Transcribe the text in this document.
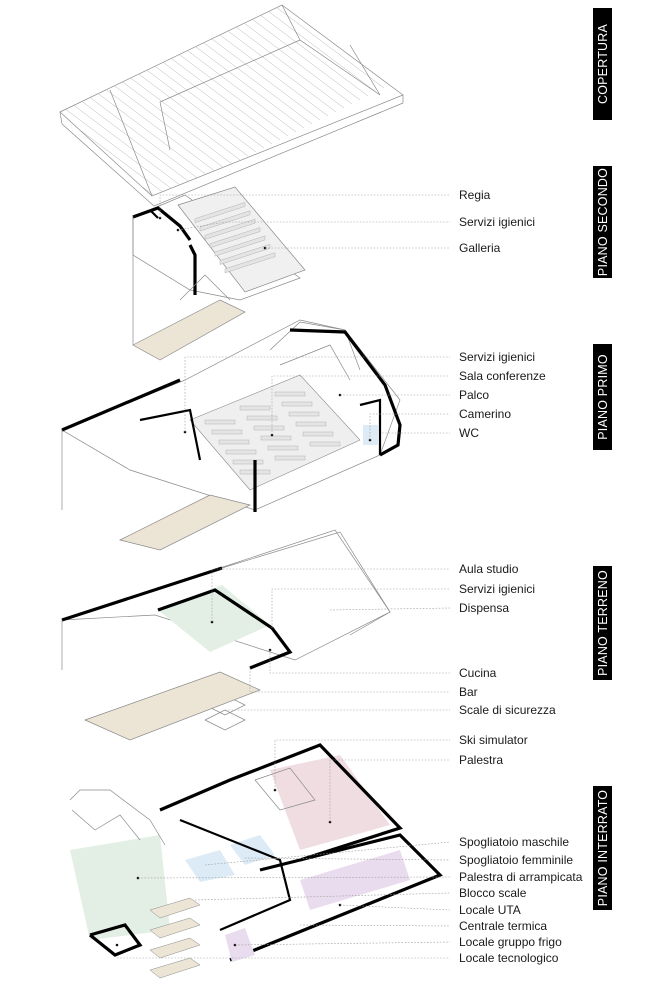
Regia
Servizi igienici
Galleria
Servizi igienici
Sala conferenze
Palco
Camerino
WC
Aula studio
Servizi igienici
Dispensa
Cucina
Bar
Scale di sicurezza
Ski simulator
Palestra
Spogliatoio maschile
Spogliatoio femminile
Palestra di arrampicata
Blocco scale
Locale UTA
Centrale termica
Locale gruppo frigo
Locale tecnologico
COPERTURA
PIANO SECONDO
PIANO PRIMO
PIANO TERRENO
PIANO INTERRATO
